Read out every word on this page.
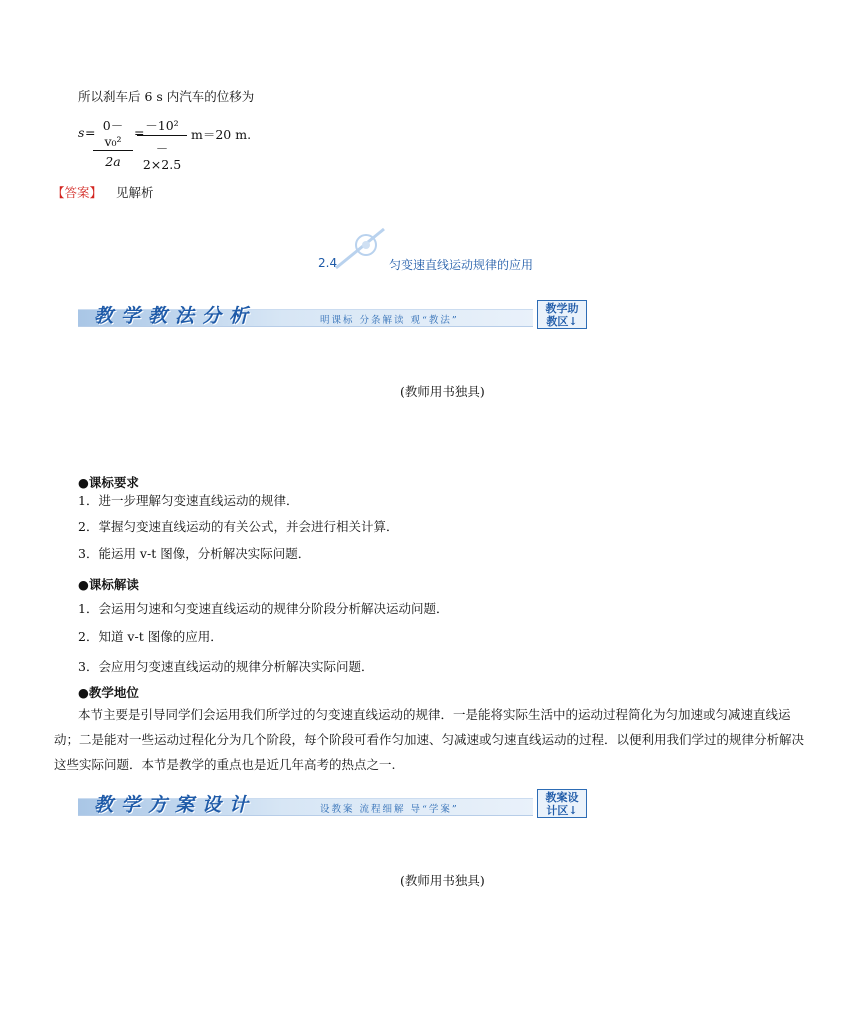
所以刹车后 6 s 内汽车的位移为
s =
$\frac{\text{0－v₀²}}{2a}$ =
$\frac{\text{－10²}}{-2\times 2.5} m=20$ m.
【答案】 见解析
2.4	匀变速直线运动规律的应用
教学教法分析	明课标 分条解读 观“教法”
教学助
教区↓
(教师用书独具)
●课标要求
1．进一步理解匀变速直线运动的规律．
2．掌握匀变速直线运动的有关公式，并会进行相关计算．
3．能运用 v-t 图像，分析解决实际问题．
●课标解读
1．会运用匀速和匀变速直线运动的规律分阶段分析解决运动问题．
2．知道 v-t 图像的应用．
3．会应用匀变速直线运动的规律分析解决实际问题．
●教学地位
本节主要是引导同学们会运用我们所学过的匀变速直线运动的规律．一是能将实际生活中的运动过程简化为匀加速或匀减速直线运动；二是能对一些运动过程化分为几个阶段，每个阶段可看作匀加速、匀减速或匀速直线运动的过程．以便利用我们学过的规律分析解决这些实际问题．本节是教学的重点也是近几年高考的热点之一.
教学方案设计	设教案 流程细解 导“学案”
教案设
计区↓
(教师用书独具)
